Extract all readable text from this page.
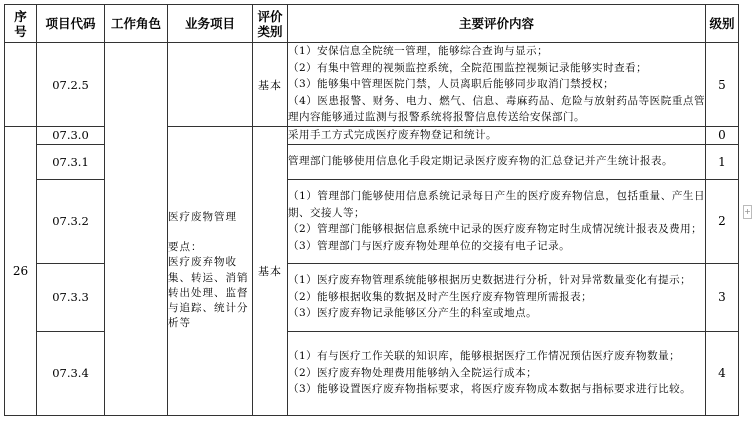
序号	项目代码	工作角色	业务项目	评价类别	主要评价内容	级别
	07.2.5			基本	（1）安保信息全院统一管理，能够综合查询与显示；

（2）有集中管理的视频监控系统，全院范围监控视频记录能够实时查看；

（3）能够集中管理医院门禁，人员离职后能够同步取消门禁授权；

（4）医患报警、财务、电力、燃气、信息、毒麻药品、危险与放射药品等医院重点管理内容能够通过监测与报警系统将报警信息传送给安保部门。	5
26	07.3.0		医疗废物管理

要点：

医疗废弃物收集、转运、消销转出处理、监督与追踪、统计分析等	基本	采用手工方式完成医疗废弃物登记和统计。	0
	07.3.1				管理部门能够使用信息化手段定期记录医疗废弃物的汇总登记并产生统计报表。	1
	07.3.2				（1）管理部门能够使用信息系统记录每日产生的医疗废弃物信息，包括重量、产生日期、交接人等；

（2）管理部门能够根据信息系统中记录的医疗废弃物定时生成情况统计报表及费用；

（3）管理部门与医疗废弃物处理单位的交接有电子记录。	2
	07.3.3				（1）医疗废弃物管理系统能够根据历史数据进行分析，针对异常数量变化有提示；

（2）能够根据收集的数据及时产生医疗废弃物管理所需报表；

（3）医疗废弃物记录能够区分产生的科室或地点。	3
	07.3.4				（1）有与医疗工作关联的知识库，能够根据医疗工作情况预估医疗废弃物数量；

（2）医疗废弃物处理费用能够纳入全院运行成本；

（3）能够设置医疗废弃物指标要求，将医疗废弃物成本数据与指标要求进行比较。	4
+
